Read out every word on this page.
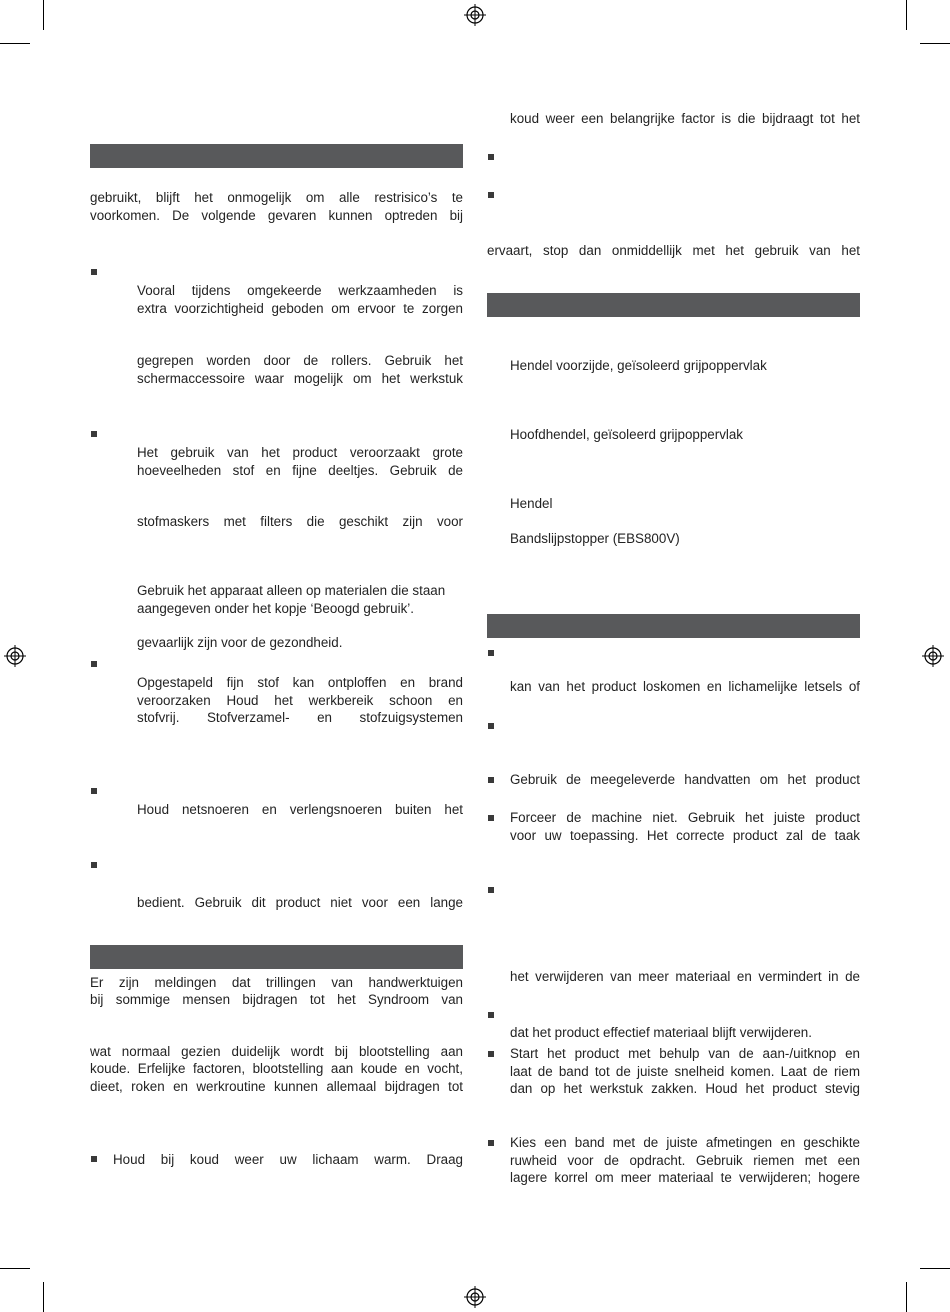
gebruikt, blijft het onmogelijk om alle restrisico’s te
voorkomen. De volgende gevaren kunnen optreden bij
Vooral tijdens omgekeerde werkzaamheden is
extra voorzichtigheid geboden om ervoor te zorgen
gegrepen worden door de rollers. Gebruik het
schermaccessoire waar mogelijk om het werkstuk
Het gebruik van het product veroorzaakt grote
hoeveelheden stof en fijne deeltjes. Gebruik de
stofmaskers met filters die geschikt zijn voor
Gebruik het apparaat alleen op materialen die staan
aangegeven onder het kopje ‘Beoogd gebruik’.
gevaarlijk zijn voor de gezondheid.
Opgestapeld fijn stof kan ontploffen en brand
veroorzaken Houd het werkbereik schoon en
stofvrij. Stofverzamel- en stofzuigsystemen
Houd netsnoeren en verlengsnoeren buiten het
bedient. Gebruik dit product niet voor een lange
Er zijn meldingen dat trillingen van handwerktuigen
bij sommige mensen bijdragen tot het Syndroom van
wat normaal gezien duidelijk wordt bij blootstelling aan
koude. Erfelijke factoren, blootstelling aan koude en vocht,
dieet, roken en werkroutine kunnen allemaal bijdragen tot
Houd bij koud weer uw lichaam warm. Draag
koud weer een belangrijke factor is die bijdraagt tot het
ervaart, stop dan onmiddellijk met het gebruik van het
Hendel voorzijde, geïsoleerd grijpoppervlak
Hoofdhendel, geïsoleerd grijpoppervlak
Hendel
Bandslijpstopper (EBS800V)
kan van het product loskomen en lichamelijke letsels of
Gebruik de meegeleverde handvatten om het product
Forceer de machine niet. Gebruik het juiste product
voor uw toepassing. Het correcte product zal de taak
het verwijderen van meer materiaal en vermindert in de
dat het product effectief materiaal blijft verwijderen.
Start het product met behulp van de aan-/uitknop en
laat de band tot de juiste snelheid komen. Laat de riem
dan op het werkstuk zakken. Houd het product stevig
Kies een band met de juiste afmetingen en geschikte
ruwheid voor de opdracht. Gebruik riemen met een
lagere korrel om meer materiaal te verwijderen; hogere
